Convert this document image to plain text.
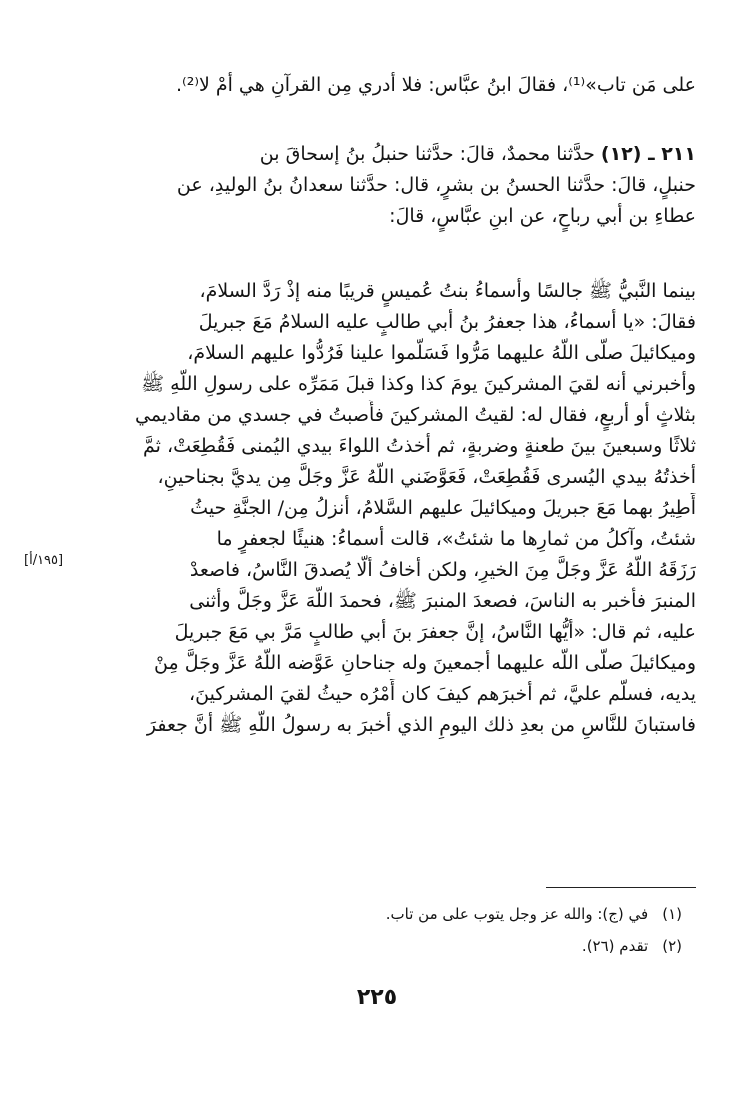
على مَن تاب»⁽¹⁾، فقالَ ابنُ عبَّاس: فلا أدري مِن القرآنِ هي أمْ لا⁽²⁾.
٢١١ ـ (١٢) حدَّثنا محمدٌ، قالَ: حدَّثنا حنبلُ بنُ إسحاقَ بن
حنبلٍ، قالَ: حدَّثنا الحسنُ بن بشرٍ، قال: حدَّثنا سعدانُ بنُ الوليدِ، عن
عطاءِ بن أبي رباحٍ، عن ابنِ عبَّاسٍ، قالَ:
بينما النَّبيُّ ﷺ جالسًا وأسماءُ بنتُ عُميسٍ قريبًا منه إذْ رَدَّ السلامَ،
فقالَ: «يا أسماءُ، هذا جعفرُ بنُ أبي طالبٍ عليه السلامُ مَعَ جبريلَ
وميكائيلَ صلَّى اللَّهُ عليهما مَرُّوا فَسَلَّموا علينا فَرُدُّوا عليهم السلامَ،
وأخبرني أنه لقيَ المشركينَ يومَ كذا وكذا قبلَ مَمَرِّه على رسولِ اللَّهِ ﷺ
بثلاثٍ أو أربعٍ، فقال له: لقيتُ المشركينَ فأُصبتُ في جسدي من مقاديمي
ثلاثًا وسبعينَ بينَ طعنةٍ وضربةٍ، ثم أخذتُ اللواءَ بيدي اليُمنى فَقُطِعَتْ، ثمَّ
أخذتُهُ بيدي اليُسرى فَقُطِعَتْ، فَعَوَّضَني اللَّهُ عَزَّ وجَلَّ مِن يديَّ بجناحينِ،
أَطِيرُ بهما مَعَ جبريلَ وميكائيلَ عليهم السَّلامُ، أنزلُ مِن/ الجنَّةِ حيثُ
شئتُ، وآكلُ من ثمارِها ما شئتُ»، قالت أسماءُ: هنيئًا لجعفرٍ ما
رَزَقَهُ اللَّهُ عَزَّ وجَلَّ مِنَ الخيرِ، ولكن أخافُ ألَّا يُصدقَ النَّاسُ، فاصعدْ
المنبرَ فأخبر به الناسَ، فصعدَ المنبرَ ﷺ، فحمدَ اللَّهَ عَزَّ وجَلَّ وأثنى
عليه، ثم قال: «أيُّها النَّاسُ، إنَّ جعفرَ بنَ أبي طالبٍ مَرَّ بي مَعَ جبريلَ
وميكائيلَ صلَّى اللَّه عليهما أجمعينَ وله جناحانِ عَوَّضه اللَّهُ عَزَّ وجَلَّ مِنْ
يديه، فسلَّم عليَّ، ثم أخبرَهم كيفَ كان أَمْرُه حيثُ لقيَ المشركينَ،
فاستبانَ للنَّاسِ من بعدِ ذلك اليومِ الذي أخبرَ به رسولُ اللَّهِ ﷺ أنَّ جعفرَ
[١٩٥/أ]
(١)في (ج): والله عز وجل يتوب على من تاب.
(٢)تقدم (٢٦).
٢٢٥
